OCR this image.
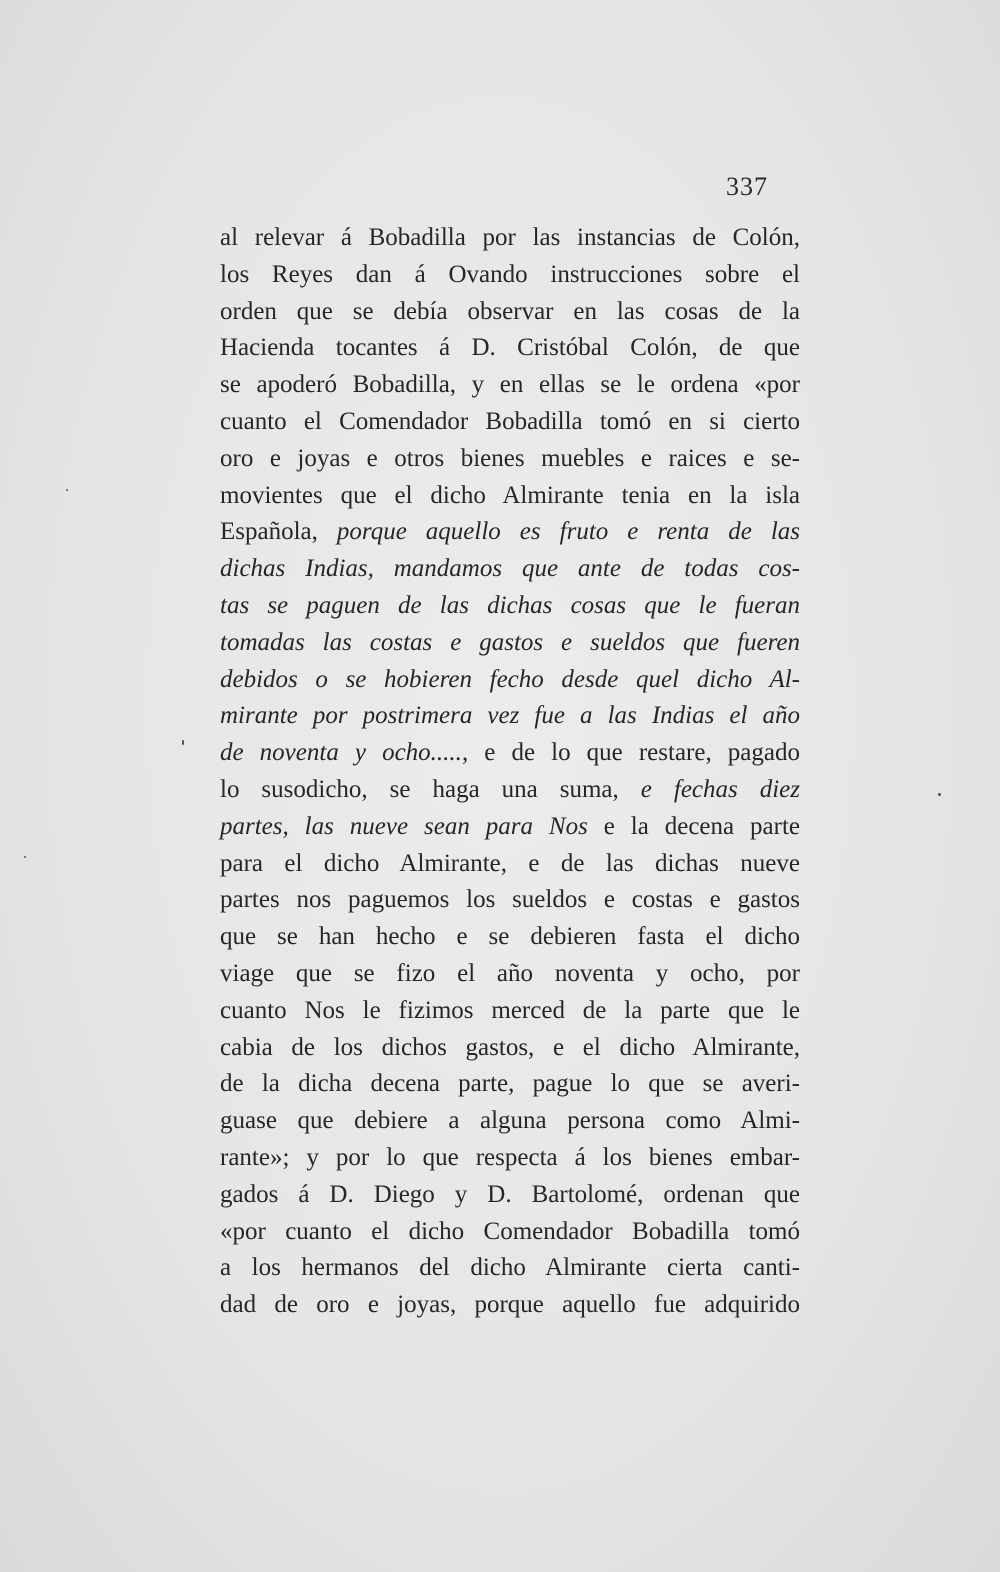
337
al relevar á Bobadilla por las instancias de Colón,
los Reyes dan á Ovando instrucciones sobre el
orden que se debía observar en las cosas de la
Hacienda tocantes á D. Cristóbal Colón, de que
se apoderó Bobadilla, y en ellas se le ordena «por
cuanto el Comendador Bobadilla tomó en si cierto
oro e joyas e otros bienes muebles e raices e se-
movientes que el dicho Almirante tenia en la isla
Española, porque aquello es fruto e renta de las
dichas Indias, mandamos que ante de todas cos-
tas se paguen de las dichas cosas que le fueran
tomadas las costas e gastos e sueldos que fueren
debidos o se hobieren fecho desde quel dicho Al-
mirante por postrimera vez fue a las Indias el año
de noventa y ocho....., e de lo que restare, pagado
lo susodicho, se haga una suma, e fechas diez
partes, las nueve sean para Nos e la decena parte
para el dicho Almirante, e de las dichas nueve
partes nos paguemos los sueldos e costas e gastos
que se han hecho e se debieren fasta el dicho
viage que se fizo el año noventa y ocho, por
cuanto Nos le fizimos merced de la parte que le
cabia de los dichos gastos, e el dicho Almirante,
de la dicha decena parte, pague lo que se averi-
guase que debiere a alguna persona como Almi-
rante»; y por lo que respecta á los bienes embar-
gados á D. Diego y D. Bartolomé, ordenan que
«por cuanto el dicho Comendador Bobadilla tomó
a los hermanos del dicho Almirante cierta canti-
dad de oro e joyas, porque aquello fue adquirido
